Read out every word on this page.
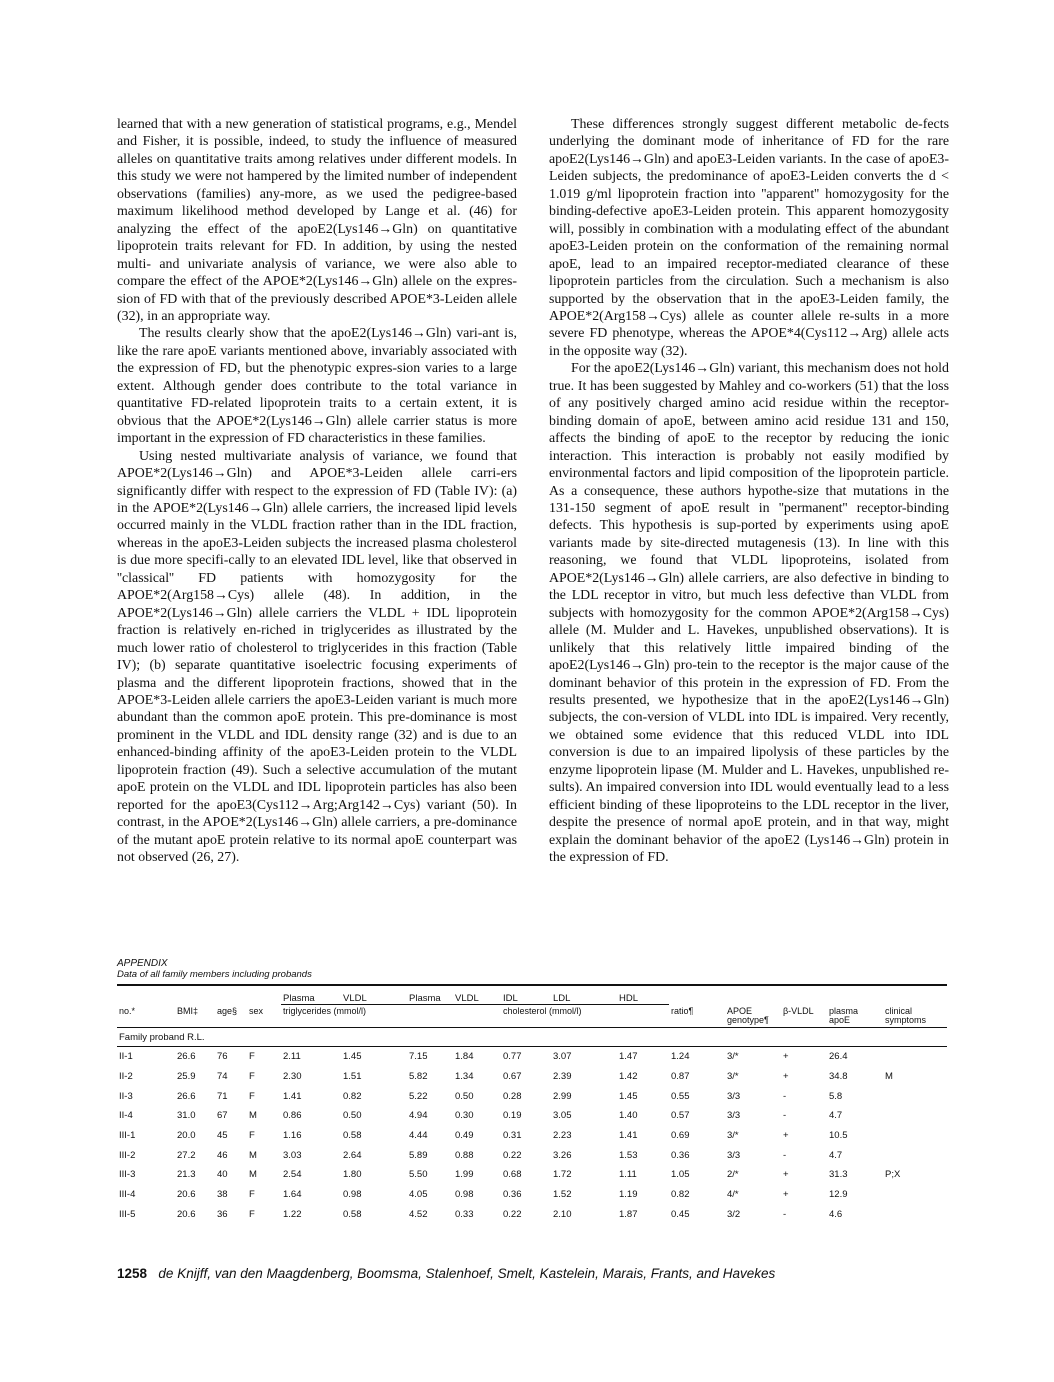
learned that with a new generation of statistical programs, e.g., Mendel and Fisher, it is possible, indeed, to study the influence of measured alleles on quantitative traits among relatives under different models. In this study we were not hampered by the limited number of independent observations (families) any-more, as we used the pedigree-based maximum likelihood method developed by Lange et al. (46) for analyzing the effect of the apoE2(Lys146→Gln) on quantitative lipoprotein traits relevant for FD. In addition, by using the nested multi- and univariate analysis of variance, we were also able to compare the effect of the APOE*2(Lys146→Gln) allele on the expres-sion of FD with that of the previously described APOE*3-Leiden allele (32), in an appropriate way.

The results clearly show that the apoE2(Lys146→Gln) vari-ant is, like the rare apoE variants mentioned above, invariably associated with the expression of FD, but the phenotypic expres-sion varies to a large extent. Although gender does contribute to the total variance in quantitative FD-related lipoprotein traits to a certain extent, it is obvious that the APOE*2(Lys146→Gln) allele carrier status is more important in the expression of FD characteristics in these families.

Using nested multivariate analysis of variance, we found that APOE*2(Lys146→Gln) and APOE*3-Leiden allele carri-ers significantly differ with respect to the expression of FD (Table IV): (a) in the APOE*2(Lys146→Gln) allele carriers, the increased lipid levels occurred mainly in the VLDL fraction rather than in the IDL fraction, whereas in the apoE3-Leiden subjects the increased plasma cholesterol is due more specifi-cally to an elevated IDL level, like that observed in ''classical'' FD patients with homozygosity for the APOE*2(Arg158→Cys) allele (48). In addition, in the APOE*2(Lys146→Gln) allele carriers the VLDL + IDL lipoprotein fraction is relatively en-riched in triglycerides as illustrated by the much lower ratio of cholesterol to triglycerides in this fraction (Table IV); (b) separate quantitative isoelectric focusing experiments of plasma and the different lipoprotein fractions, showed that in the APOE*3-Leiden allele carriers the apoE3-Leiden variant is much more abundant than the common apoE protein. This pre-dominance is most prominent in the VLDL and IDL density range (32) and is due to an enhanced-binding affinity of the apoE3-Leiden protein to the VLDL lipoprotein fraction (49). Such a selective accumulation of the mutant apoE protein on the VLDL and IDL lipoprotein particles has also been reported for the apoE3(Cys112→Arg;Arg142→Cys) variant (50). In contrast, in the APOE*2(Lys146→Gln) allele carriers, a pre-dominance of the mutant apoE protein relative to its normal apoE counterpart was not observed (26, 27).

These differences strongly suggest different metabolic de-fects underlying the dominant mode of inheritance of FD for the rare apoE2(Lys146→Gln) and apoE3-Leiden variants. In the case of apoE3-Leiden subjects, the predominance of apoE3-Leiden converts the d < 1.019 g/ml lipoprotein fraction into ''apparent'' homozygosity for the binding-defective apoE3-Leiden protein. This apparent homozygosity will, possibly in combination with a modulating effect of the abundant apoE3-Leiden protein on the conformation of the remaining normal apoE, lead to an impaired receptor-mediated clearance of these lipoprotein particles from the circulation. Such a mechanism is also supported by the observation that in the apoE3-Leiden family, the APOE*2(Arg158→Cys) allele as counter allele re-sults in a more severe FD phenotype, whereas the APOE*4(Cys112→Arg) allele acts in the opposite way (32).

For the apoE2(Lys146→Gln) variant, this mechanism does not hold true. It has been suggested by Mahley and co-workers (51) that the loss of any positively charged amino acid residue within the receptor-binding domain of apoE, between amino acid residue 131 and 150, affects the binding of apoE to the receptor by reducing the ionic interaction. This interaction is probably not easily modified by environmental factors and lipid composition of the lipoprotein particle. As a consequence, these authors hypothe-size that mutations in the 131-150 segment of apoE result in ''permanent'' receptor-binding defects. This hypothesis is sup-ported by experiments using apoE variants made by site-directed mutagenesis (13). In line with this reasoning, we found that VLDL lipoproteins, isolated from APOE*2(Lys146→Gln) allele carriers, are also defective in binding to the LDL receptor in vitro, but much less defective than VLDL from subjects with homozygosity for the common APOE*2(Arg158→Cys) allele (M. Mulder and L. Havekes, unpublished observations). It is unlikely that this relatively little impaired binding of the apoE2(Lys146→Gln) pro-tein to the receptor is the major cause of the dominant behavior of this protein in the expression of FD. From the results presented, we hypothesize that in the apoE2(Lys146→Gln) subjects, the con-version of VLDL into IDL is impaired. Very recently, we obtained some evidence that this reduced VLDL into IDL conversion is due to an impaired lipolysis of these particles by the enzyme lipoprotein lipase (M. Mulder and L. Havekes, unpublished re-sults). An impaired conversion into IDL would eventually lead to a less efficient binding of these lipoproteins to the LDL receptor in the liver, despite the presence of normal apoE protein, and in that way, might explain the dominant behavior of the apoE2 (Lys146→Gln) protein in the expression of FD.

APPENDIX
Data of all family members including probands
				Plasma	VLDL	Plasma	VLDL	IDL	LDL	HDL					
no.*	BMI‡	age§	sex	triglycerides (mmol/l)				cholesterol (mmol/l)			ratio¶	APOE genotype¶	β-VLDL	plasma apoE	clinical symptoms
Family proband R.L.															
II-1	26.6	76	F	2.11	1.45	7.15	1.84	0.77	3.07	1.47	1.24	3/*	+	26.4	
II-2	25.9	74	F	2.30	1.51	5.82	1.34	0.67	2.39	1.42	0.87	3/*	+	34.8	M
II-3	26.6	71	F	1.41	0.82	5.22	0.50	0.28	2.99	1.45	0.55	3/3	-	5.8	
II-4	31.0	67	M	0.86	0.50	4.94	0.30	0.19	3.05	1.40	0.57	3/3	-	4.7	
III-1	20.0	45	F	1.16	0.58	4.44	0.49	0.31	2.23	1.41	0.69	3/*	+	10.5	
III-2	27.2	46	M	3.03	2.64	5.89	0.88	0.22	3.26	1.53	0.36	3/3	-	4.7	
III-3	21.3	40	M	2.54	1.80	5.50	1.99	0.68	1.72	1.11	1.05	2/*	+	31.3	P;X
III-4	20.6	38	F	1.64	0.98	4.05	0.98	0.36	1.52	1.19	0.82	4/*	+	12.9	
III-5	20.6	36	F	1.22	0.58	4.52	0.33	0.22	2.10	1.87	0.45	3/2	-	4.6	
1258 de Knijff, van den Maagdenberg, Boomsma, Stalenhoef, Smelt, Kastelein, Marais, Frants, and Havekes
